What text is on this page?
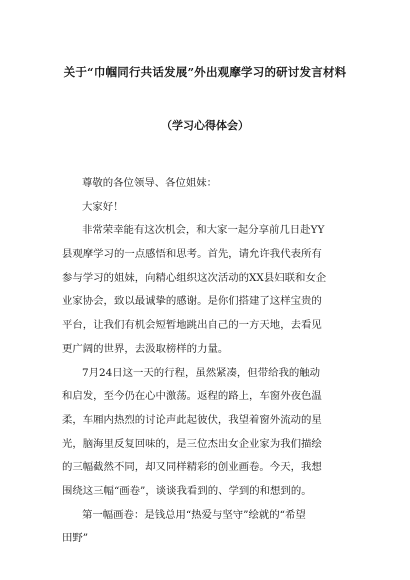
关于“巾帼同行共话发展”外出观摩学习的研讨发言材料
（学习心得体会）
尊敬的各位领导、各位姐妹：
大家好！
非常荣幸能有这次机会，和大家一起分享前几日赴YY
县观摩学习的一点感悟和思考。首先，请允许我代表所有
参与学习的姐妹，向精心组织这次活动的XX县妇联和女企
业家协会，致以最诚挚的感谢。是你们搭建了这样宝贵的
平台，让我们有机会短暂地跳出自己的一方天地，去看见
更广阔的世界，去汲取榜样的力量。
7月24日这一天的行程，虽然紧凑，但带给我的触动
和启发，至今仍在心中激荡。返程的路上，车窗外夜色温
柔，车厢内热烈的讨论声此起彼伏，我望着窗外流动的星
光，脑海里反复回味的，是三位杰出女企业家为我们描绘
的三幅截然不同，却又同样精彩的创业画卷。今天，我想
围绕这三幅“画卷”，谈谈我看到的、学到的和想到的。
第一幅画卷：是钱总用“热爱与坚守”绘就的“希望
田野”
